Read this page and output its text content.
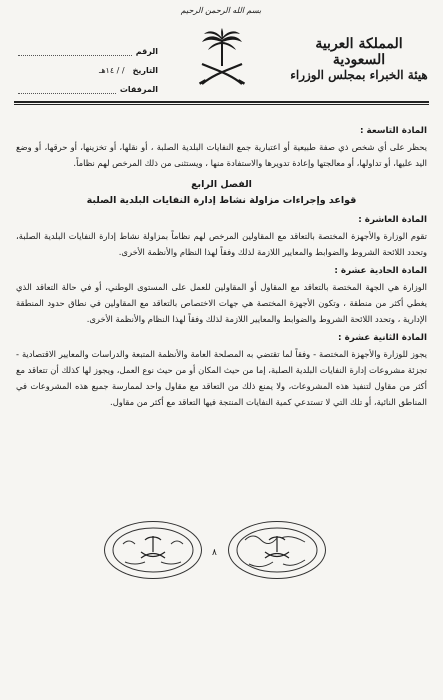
بسم الله الرحمن الرحيم
المملكة العربية السعودية
هيئة الخبراء بمجلس الوزراء
الرقم
التاريخ
/ / ١٤هـ
المرفقات
المادة التاسعة :

يحظر على أي شخص ذي صفة طبيعية أو اعتبارية جمع النفايات البلدية الصلبة ، أو نقلها، أو تخزينها، أو حرقها، أو وضع اليد عليها، أو تداولها، أو معالجتها وإعادة تدويرها والاستفادة منها ، ويستثنى من ذلك المرخص لهم نظاماً.

الفصل الرابع
قواعد وإجراءات مزاولة نشاط إدارة النفايات البلدية الصلبة
المادة العاشرة :

تقوم الوزارة والأجهزة المختصة بالتعاقد مع المقاولين المرخص لهم نظاماً بمزاولة نشاط إدارة النفايات البلدية الصلبة، وتحدد اللائحة الشروط والضوابط والمعايير اللازمة لذلك وفقاً لهذا النظام والأنظمة الأخرى.

المادة الحادية عشرة :

الوزارة هي الجهة المختصة بالتعاقد مع المقاول أو المقاولين للعمل على المستوى الوطني، أو في حالة التعاقد الذي يغطي أكثر من منطقة ، وتكون الأجهزة المختصة هي جهات الاختصاص بالتعاقد مع المقاولين في نطاق حدود المنطقة الإدارية ، وتحدد اللائحة الشروط والضوابط والمعايير اللازمة لذلك وفقاً لهذا النظام والأنظمة الأخرى.

المادة الثانية عشرة :

يجوز للوزارة والأجهزة المختصة - وفقاً لما تقتضي به المصلحة العامة والأنظمة المتبعة والدراسات والمعايير الاقتصادية - تجزئة مشروعات إدارة النفايات البلدية الصلبة، إما من حيث المكان أو من حيث نوع العمل، ويجوز لها كذلك أن تتعاقد مع أكثر من مقاول لتنفيذ هذه المشروعات، ولا يمنع ذلك من التعاقد مع مقاول واحد لممارسة جميع هذه المشروعات في المناطق النائية، أو تلك التي لا تستدعي كمية النفايات المنتجة فيها التعاقد مع أكثر من مقاول.

٨
